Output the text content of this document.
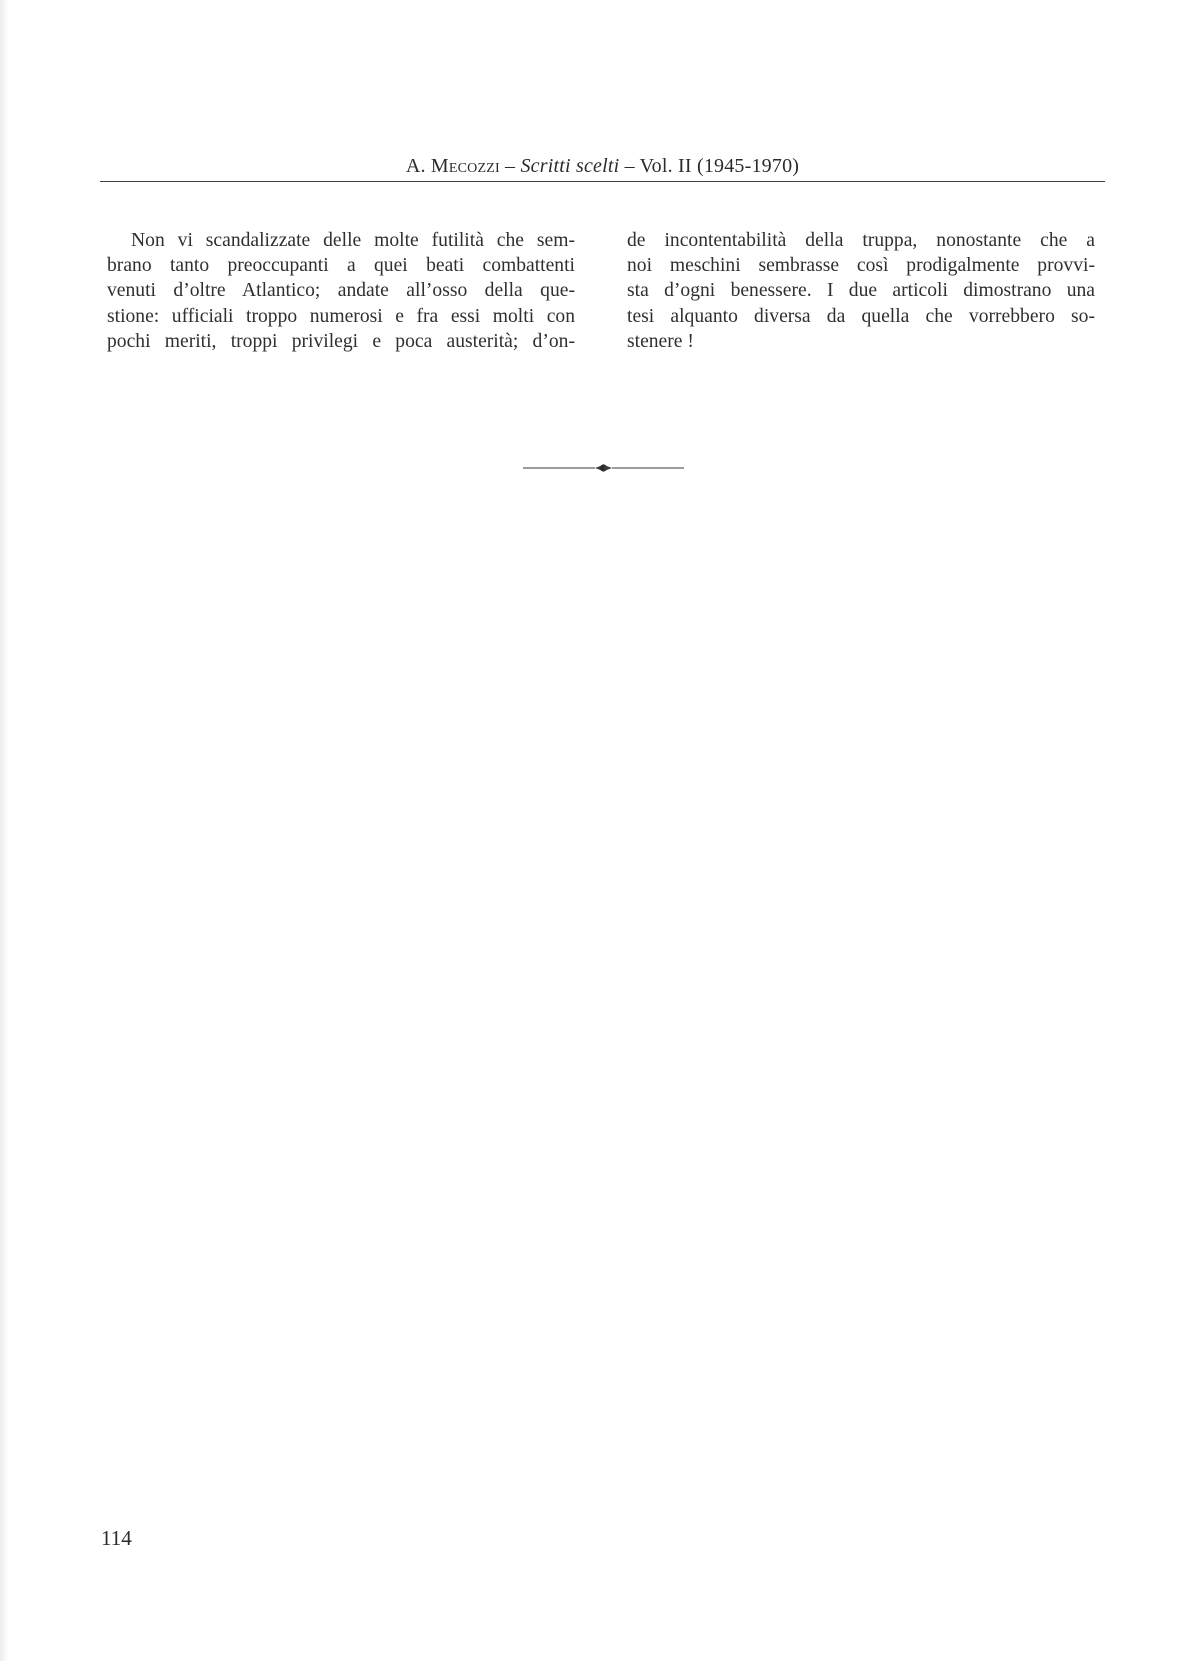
A. Mecozzi – Scritti scelti – Vol. II (1945-1970)
Non vi scandalizzate delle molte futilità che sem-
brano tanto preoccupanti a quei beati combattenti
venuti d’oltre Atlantico; andate all’osso della que-
stione: ufficiali troppo numerosi e fra essi molti con
pochi meriti, troppi privilegi e poca austerità; d’on-
de incontentabilità della truppa, nonostante che a
noi meschini sembrasse così prodigalmente provvi-
sta d’ogni benessere. I due articoli dimostrano una
tesi alquanto diversa da quella che vorrebbero so-
stenere !
114
